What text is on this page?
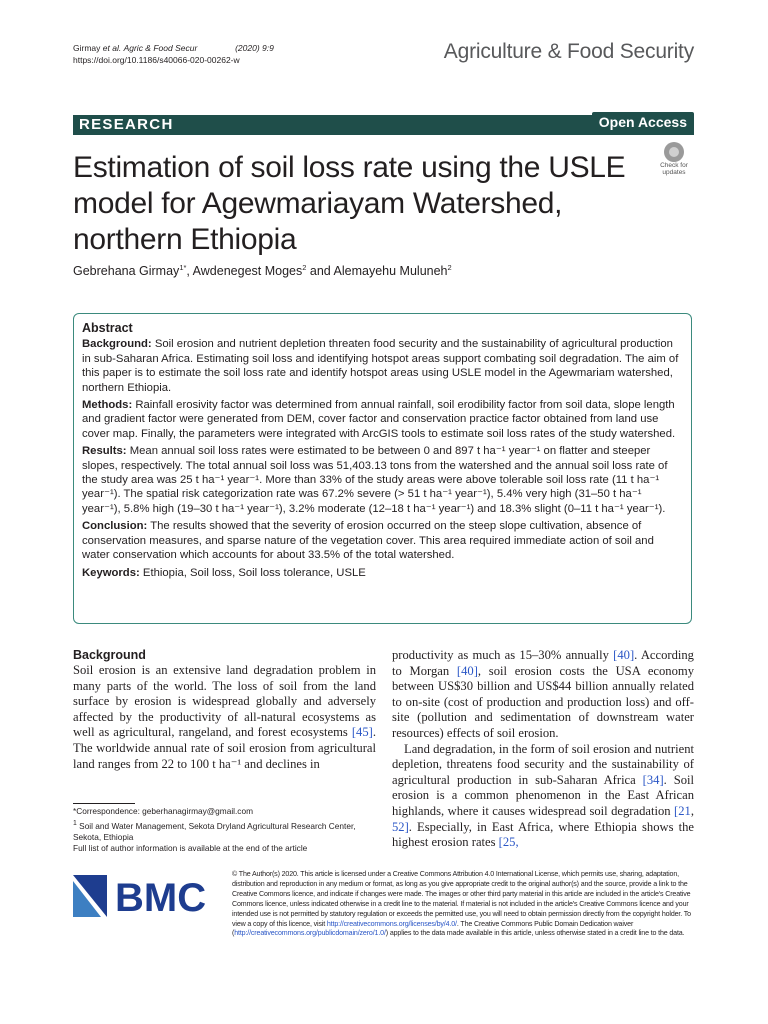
Girmay et al. Agric & Food Secur	(2020) 9:9
https://doi.org/10.1186/s40066-020-00262-w	Agriculture & Food Security
RESEARCH	Open Access
Estimation of soil loss rate using the USLE model for Agewmariayam Watershed, northern Ethiopia
Check for updates
Gebrehana Girmay$^{1*}$, Awdenegest Moges$^2$ and Alemayehu Muluneh$^2$
Abstract

Background: Soil erosion and nutrient depletion threaten food security and the sustainability of agricultural production in sub-Saharan Africa. Estimating soil loss and identifying hotspot areas support combating soil degradation. The aim of this paper is to estimate the soil loss rate and identify hotspot areas using USLE model in the Agewmariam watershed, northern Ethiopia.

Methods: Rainfall erosivity factor was determined from annual rainfall, soil erodibility factor from soil data, slope length and gradient factor were generated from DEM, cover factor and conservation practice factor obtained from land use cover map. Finally, the parameters were integrated with ArcGIS tools to estimate soil loss rates of the study watershed.

Results: Mean annual soil loss rates were estimated to be between 0 and 897 t ha⁻¹ year⁻¹ on flatter and steeper slopes, respectively. The total annual soil loss was 51,403.13 tons from the watershed and the annual soil loss rate of the study area was 25 t ha⁻¹ year⁻¹. More than 33% of the study areas were above tolerable soil loss rate (11 t ha⁻¹ year⁻¹). The spatial risk categorization rate was 67.2% severe (> 51 t ha⁻¹ year⁻¹), 5.4% very high (31–50 t ha⁻¹ year⁻¹), 5.8% high (19–30 t ha⁻¹ year⁻¹), 3.2% moderate (12–18 t ha⁻¹ year⁻¹) and 18.3% slight (0–11 t ha⁻¹ year⁻¹).

Conclusion: The results showed that the severity of erosion occurred on the steep slope cultivation, absence of conservation measures, and sparse nature of the vegetation cover. This area required immediate action of soil and water conservation which accounts for about 33.5% of the total watershed.

Keywords: Ethiopia, Soil loss, Soil loss tolerance, USLE

Background

Soil erosion is an extensive land degradation problem in many parts of the world. The loss of soil from the land surface by erosion is widespread globally and adversely affected by the productivity of all-natural ecosystems as well as agricultural, rangeland, and forest ecosystems [45]. The worldwide annual rate of soil erosion from agricultural land ranges from 22 to 100 t ha⁻¹ and declines in

productivity as much as 15–30% annually [40]. According to Morgan [40], soil erosion costs the USA economy between US$30 billion and US$44 billion annually related to on-site (cost of production and production loss) and off-site (pollution and sedimentation of downstream water resources) effects of soil erosion.

Land degradation, in the form of soil erosion and nutrient depletion, threatens food security and the sustainability of agricultural production in sub-Saharan Africa [34]. Soil erosion is a common phenomenon in the East African highlands, where it causes widespread soil degradation [21, 52]. Especially, in East Africa, where Ethiopia shows the highest erosion rates [25,

*Correspondence: geberhanagirmay@gmail.com
$^1$ Soil and Water Management, Sekota Dryland Agricultural Research Center, Sekota, Ethiopia
Full list of author information is available at the end of the article
BMC
© The Author(s) 2020. This article is licensed under a Creative Commons Attribution 4.0 International License, which permits use, sharing, adaptation, distribution and reproduction in any medium or format, as long as you give appropriate credit to the original author(s) and the source, provide a link to the Creative Commons licence, and indicate if changes were made. The images or other third party material in this article are included in the article's Creative Commons licence, unless indicated otherwise in a credit line to the material. If material is not included in the article's Creative Commons licence and your intended use is not permitted by statutory regulation or exceeds the permitted use, you will need to obtain permission directly from the copyright holder. To view a copy of this licence, visit http://creativecommons.org/licenses/by/4.0/. The Creative Commons Public Domain Dedication waiver (http://creativecommons.org/publicdomain/zero/1.0/) applies to the data made available in this article, unless otherwise stated in a credit line to the data.
